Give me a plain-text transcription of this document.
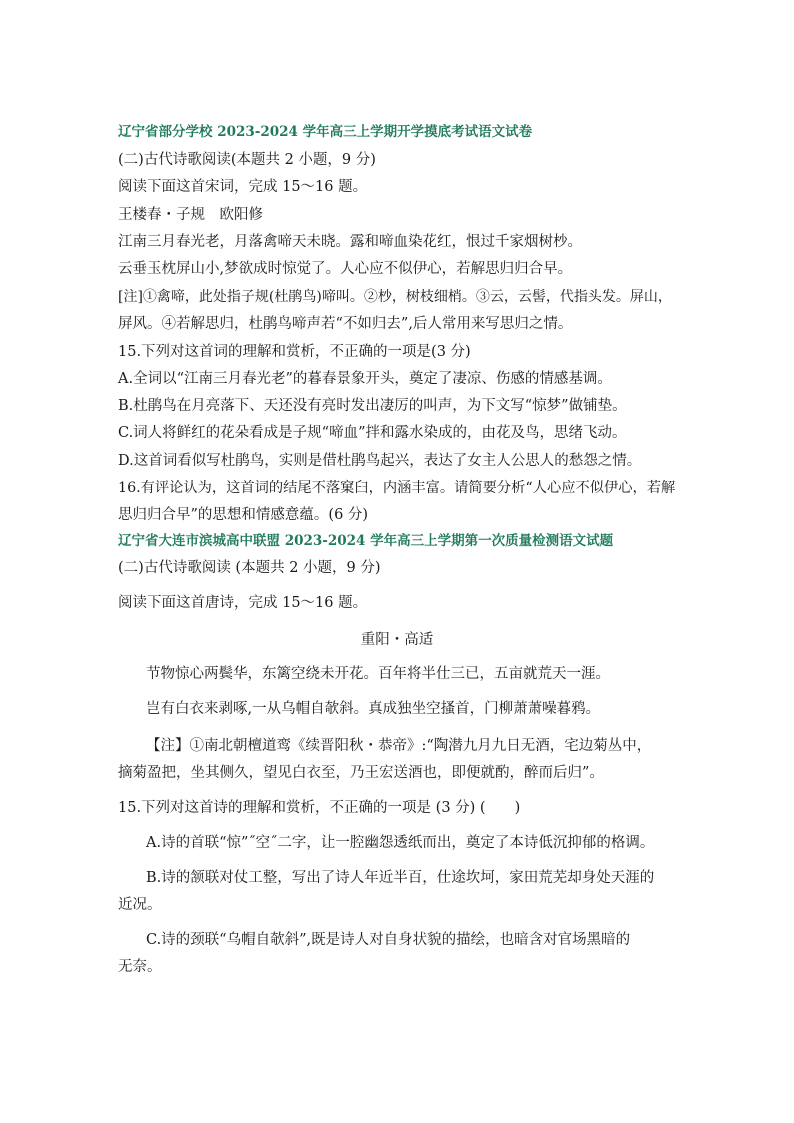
辽宁省部分学校 2023-2024 学年高三上学期开学摸底考试语文试卷
(二)古代诗歌阅读(本题共 2 小题，9 分)
阅读下面这首宋词，完成 15～16 题。
王楼春・子规　欧阳修
江南三月春光老，月落禽啼天未晓。露和啼血染花红，恨过千家烟树杪。
云垂玉枕屏山小,梦欲成时惊觉了。人心应不似伊心，若解思归归合早。
[注]①禽啼，此处指子规(杜鹃鸟)啼叫。②杪，树枝细梢。③云，云髻，代指头发。屏山，
屏风。④若解思归，杜鹃鸟啼声若“不如归去”,后人常用来写思归之情。
15.下列对这首词的理解和赏析，不正确的一项是(3 分)
A.全词以“江南三月春光老”的暮春景象开头，奠定了凄凉、伤感的情感基调。
B.杜鹃鸟在月亮落下、天还没有亮时发出凄厉的叫声，为下文写“惊梦”做铺垫。
C.词人将鲜红的花朵看成是子规“啼血”拌和露水染成的，由花及鸟，思绪飞动。
D.这首词看似写杜鹃鸟，实则是借杜鹃鸟起兴，表达了女主人公思人的愁怨之情。
16.有评论认为，这首词的结尾不落窠臼，内涵丰富。请简要分析“人心应不似伊心，若解
思归归合早”的思想和情感意蕴。(6 分)
辽宁省大连市滨城高中联盟 2023-2024 学年高三上学期第一次质量检测语文试题
(二)古代诗歌阅读 (本题共 2 小题，9 分)
阅读下面这首唐诗，完成 15～16 题。
重阳・高适
节物惊心两鬓华，东篱空绕未开花。百年将半仕三已，五亩就荒天一涯。
岂有白衣来剥啄,一从乌帽自欹斜。真成独坐空搔首，门柳萧萧噪暮鸦。
【注】①南北朝檀道鸾《续晋阳秋・恭帝》:“陶潜九月九日无酒，宅边菊丛中，
摘菊盈把，坐其侧久，望见白衣至，乃王宏送酒也，即便就酌，醉而后归”。
15.下列对这首诗的理解和赏析，不正确的一项是 (3 分) (　　)
A.诗的首联“惊”˝空˝二字，让一腔幽怨透纸而出，奠定了本诗低沉抑郁的格调。
B.诗的颔联对仗工整，写出了诗人年近半百，仕途坎坷，家田荒芜却身处天涯的
近况。
C.诗的颈联“乌帽自欹斜”,既是诗人对自身状貌的描绘，也暗含对官场黑暗的
无奈。
